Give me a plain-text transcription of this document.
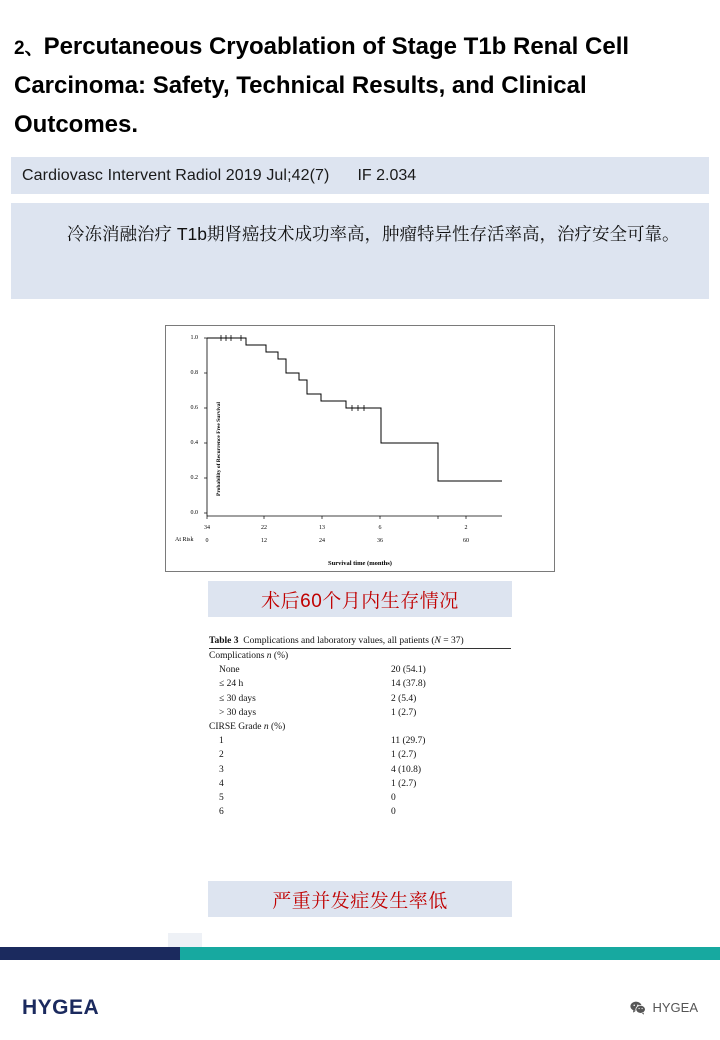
2、Percutaneous Cryoablation of Stage T1b Renal Cell Carcinoma: Safety, Technical Results, and Clinical Outcomes.
Cardiovasc Intervent Radiol 2019 Jul;42(7)	IF 2.034
冷冻消融治疗 T1b期肾癌技术成功率高，肿瘤特异性存活率高，治疗安全可靠。
Probability of Recurrence Free Survival
Survival time (months)
At Risk
1.0
0.8
0.6
0.4
0.2
0.0
34	22	13	6	2
0	12	24	36	60
术后60个月内生存情况
Table 3 Complications and laboratory values, all patients (N = 37)
Complications n (%)
None	20 (54.1)
≤ 24 h	14 (37.8)
≤ 30 days	2 (5.4)
> 30 days	1 (2.7)
CIRSE Grade n (%)
1	11 (29.7)
2	1 (2.7)
3	4 (10.8)
4	1 (2.7)
5	0
6	0
严重并发症发生率低
HYGEA	HYGEA
